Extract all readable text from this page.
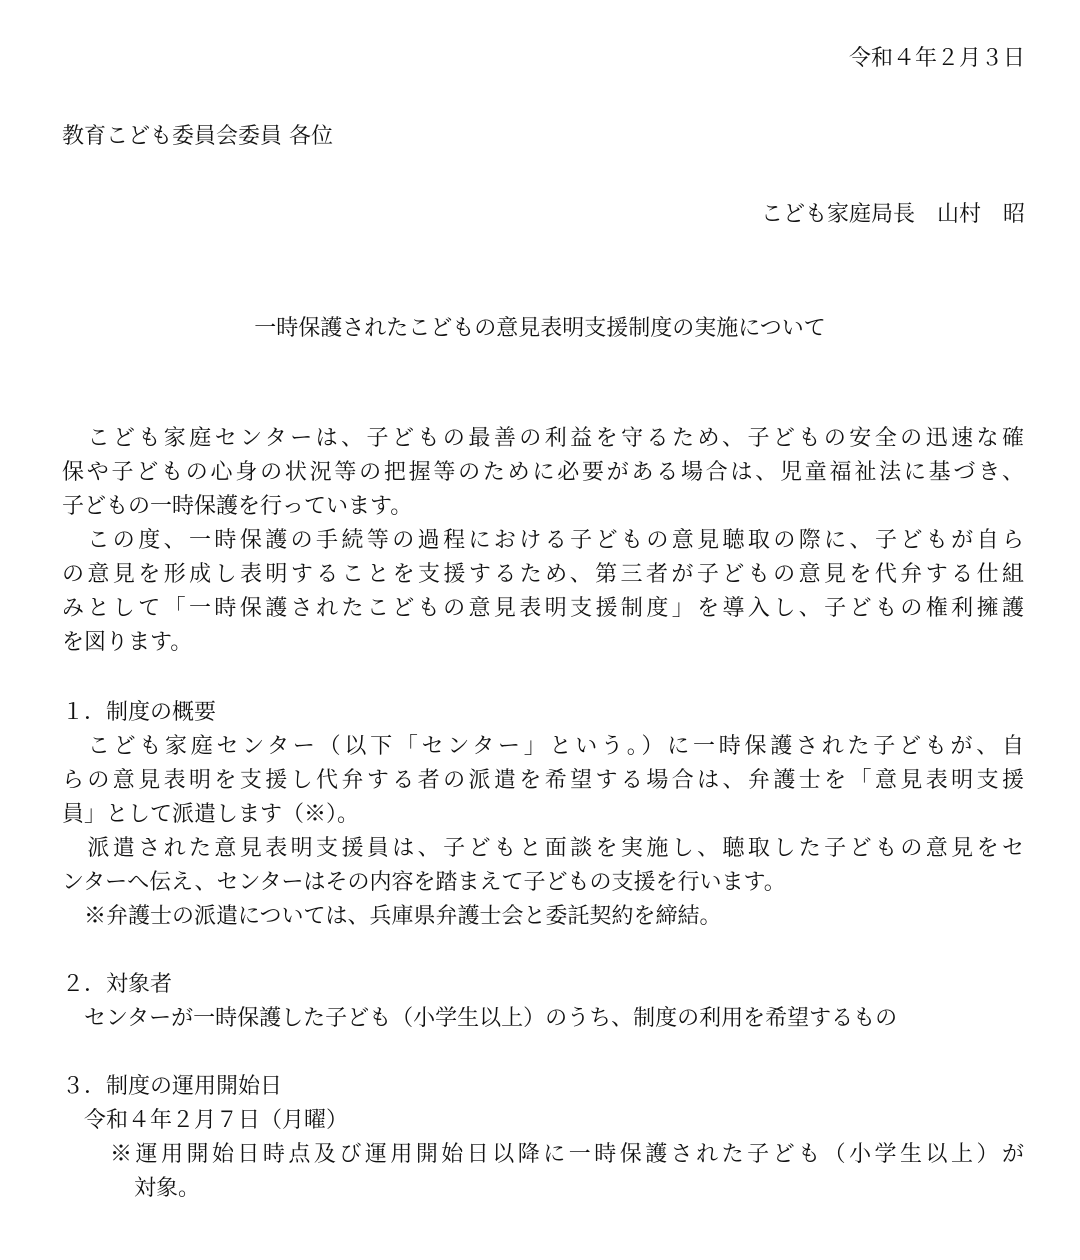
令和４年２月３日
教育こども委員会委員 各位
こども家庭局長　山村　昭
一時保護されたこどもの意見表明支援制度の実施について
　こども家庭センターは、子どもの最善の利益を守るため、子どもの安全の迅速な確
保や子どもの心身の状況等の把握等のために必要がある場合は、児童福祉法に基づき、
子どもの一時保護を行っています。
　この度、一時保護の手続等の過程における子どもの意見聴取の際に、子どもが自ら
の意見を形成し表明することを支援するため、第三者が子どもの意見を代弁する仕組
みとして「一時保護されたこどもの意見表明支援制度」を導入し、子どもの権利擁護
を図ります。
１．制度の概要
　こども家庭センター（以下「センター」という。）に一時保護された子どもが、自
らの意見表明を支援し代弁する者の派遣を希望する場合は、弁護士を「意見表明支援
員」として派遣します（※）。
　派遣された意見表明支援員は、子どもと面談を実施し、聴取した子どもの意見をセ
ンターへ伝え、センターはその内容を踏まえて子どもの支援を行います。
　※弁護士の派遣については、兵庫県弁護士会と委託契約を締結。
２．対象者
　センターが一時保護した子ども（小学生以上）のうち、制度の利用を希望するもの
３．制度の運用開始日
　令和４年２月７日（月曜）
※運用開始日時点及び運用開始日以降に一時保護された子ども（小学生以上）が
対象。
